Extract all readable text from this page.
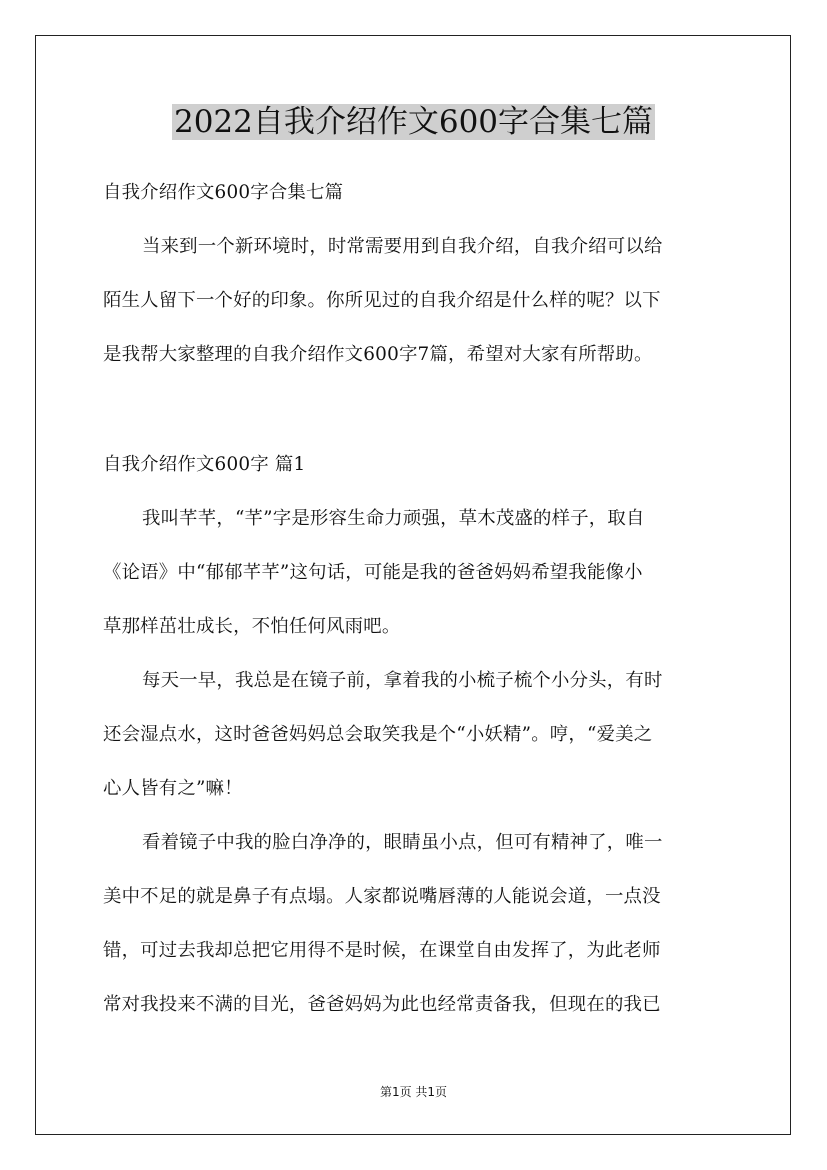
2022自我介绍作文600字合集七篇
自我介绍作文600字合集七篇
当来到一个新环境时，时常需要用到自我介绍，自我介绍可以给
陌生人留下一个好的印象。你所见过的自我介绍是什么样的呢？以下
是我帮大家整理的自我介绍作文600字7篇，希望对大家有所帮助。
自我介绍作文600字 篇1
我叫芊芊，“芊”字是形容生命力顽强，草木茂盛的样子，取自
《论语》中“郁郁芊芊”这句话，可能是我的爸爸妈妈希望我能像小
草那样茁壮成长，不怕任何风雨吧。
每天一早，我总是在镜子前，拿着我的小梳子梳个小分头，有时
还会湿点水，这时爸爸妈妈总会取笑我是个“小妖精”。哼，“爱美之
心人皆有之”嘛！
看着镜子中我的脸白净净的，眼睛虽小点，但可有精神了，唯一
美中不足的就是鼻子有点塌。人家都说嘴唇薄的人能说会道，一点没
错，可过去我却总把它用得不是时候，在课堂自由发挥了，为此老师
常对我投来不满的目光，爸爸妈妈为此也经常责备我，但现在的我已
第1页 共1页
